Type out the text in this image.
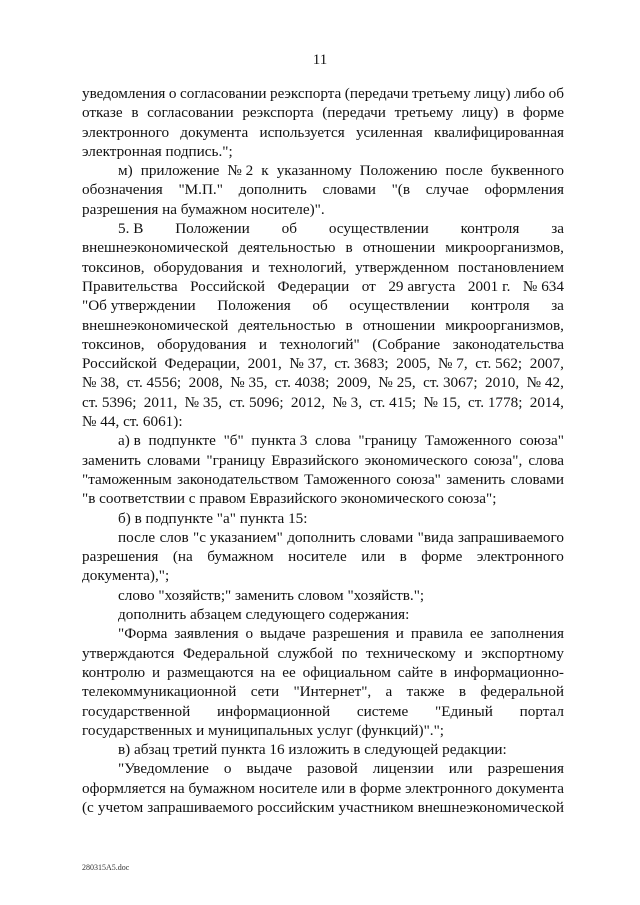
11
уведомления о согласовании реэкспорта (передачи третьему лицу) либо об
отказе в согласовании реэкспорта (передачи третьему лицу) в форме
электронного документа используется усиленная квалифицированная
электронная подпись.";
м) приложение № 2 к указанному Положению после буквенного
обозначения "М.П." дополнить словами "(в случае оформления
разрешения на бумажном носителе)".
5. В Положении об осуществлении контроля за
внешнеэкономической деятельностью в отношении микроорганизмов,
токсинов, оборудования и технологий, утвержденном постановлением
Правительства Российской Федерации от 29 августа 2001 г. № 634
"Об утверждении Положения об осуществлении контроля за
внешнеэкономической деятельностью в отношении микроорганизмов,
токсинов, оборудования и технологий" (Собрание законодательства
Российской Федерации, 2001, № 37, ст. 3683; 2005, № 7, ст. 562; 2007,
№ 38, ст. 4556; 2008, № 35, ст. 4038; 2009, № 25, ст. 3067; 2010, № 42,
ст. 5396; 2011, № 35, ст. 5096; 2012, № 3, ст. 415; № 15, ст. 1778; 2014,
№ 44, ст. 6061):
а) в подпункте "б" пункта 3 слова "границу Таможенного союза"
заменить словами "границу Евразийского экономического союза", слова
"таможенным законодательством Таможенного союза" заменить словами
"в соответствии с правом Евразийского экономического союза";
б) в подпункте "а" пункта 15:
после слов "с указанием" дополнить словами "вида запрашиваемого
разрешения (на бумажном носителе или в форме электронного
документа),";
слово "хозяйств;" заменить словом "хозяйств.";
дополнить абзацем следующего содержания:
"Форма заявления о выдаче разрешения и правила ее заполнения
утверждаются Федеральной службой по техническому и экспортному
контролю и размещаются на ее официальном сайте в информационно-
телекоммуникационной сети "Интернет", а также в федеральной
государственной информационной системе "Единый портал
государственных и муниципальных услуг (функций)".";
в) абзац третий пункта 16 изложить в следующей редакции:
"Уведомление о выдаче разовой лицензии или разрешения
оформляется на бумажном носителе или в форме электронного документа
(с учетом запрашиваемого российским участником внешнеэкономической
280315A5.doc
